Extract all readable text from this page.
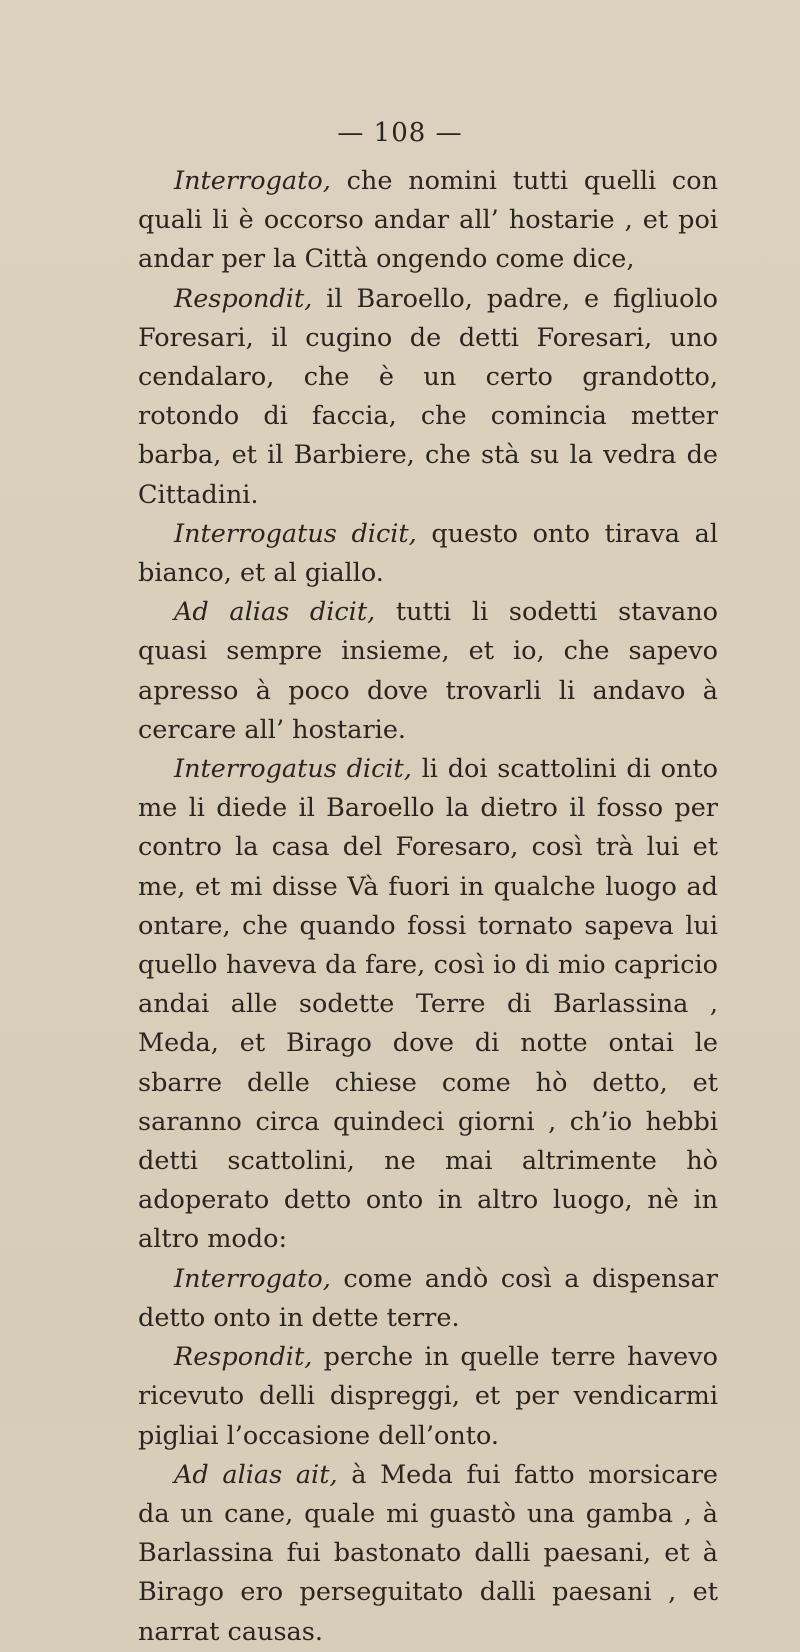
— 108 —

Interrogato, che nomini tutti quelli con quali li è occorso andar all’ hostarie , et poi andar per la Città ongendo come dice,

Respondit, il Baroello, padre, e figliuolo Foresari, il cugino de detti Foresari, uno cendalaro, che è un certo grandotto, rotondo di faccia, che comincia metter barba, et il Barbiere, che stà su la vedra de Cittadini.

Interrogatus dicit, questo onto tirava al bianco, et al giallo.

Ad alias dicit, tutti li sodetti stavano quasi sempre insieme, et io, che sapevo apresso à poco dove trovarli li andavo à cercare all’ hostarie.

Interrogatus dicit, li doi scattolini di onto me li diede il Baroello la dietro il fosso per contro la casa del Foresaro, così trà lui et me, et mi disse Và fuori in qualche luogo ad ontare, che quando fossi tornato sapeva lui quello haveva da fare, così io di mio capricio andai alle sodette Terre di Barlassina , Meda, et Birago dove di notte ontai le sbarre delle chiese come hò detto, et saranno circa quindeci giorni , ch’io hebbi detti scattolini, ne mai altrimente hò adoperato detto onto in altro luogo, nè in altro modo:

Interrogato, come andò così a dispensar detto onto in dette terre.

Respondit, perche in quelle terre havevo ricevuto delli dispreggi, et per vendicarmi pigliai l’occasione dell’onto.

Ad alias ait, à Meda fui fatto morsicare da un cane, quale mi guastò una gamba , à Barlassina fui bastonato dalli paesani, et à Birago ero perseguitato dalli paesani , et narrat causas.
